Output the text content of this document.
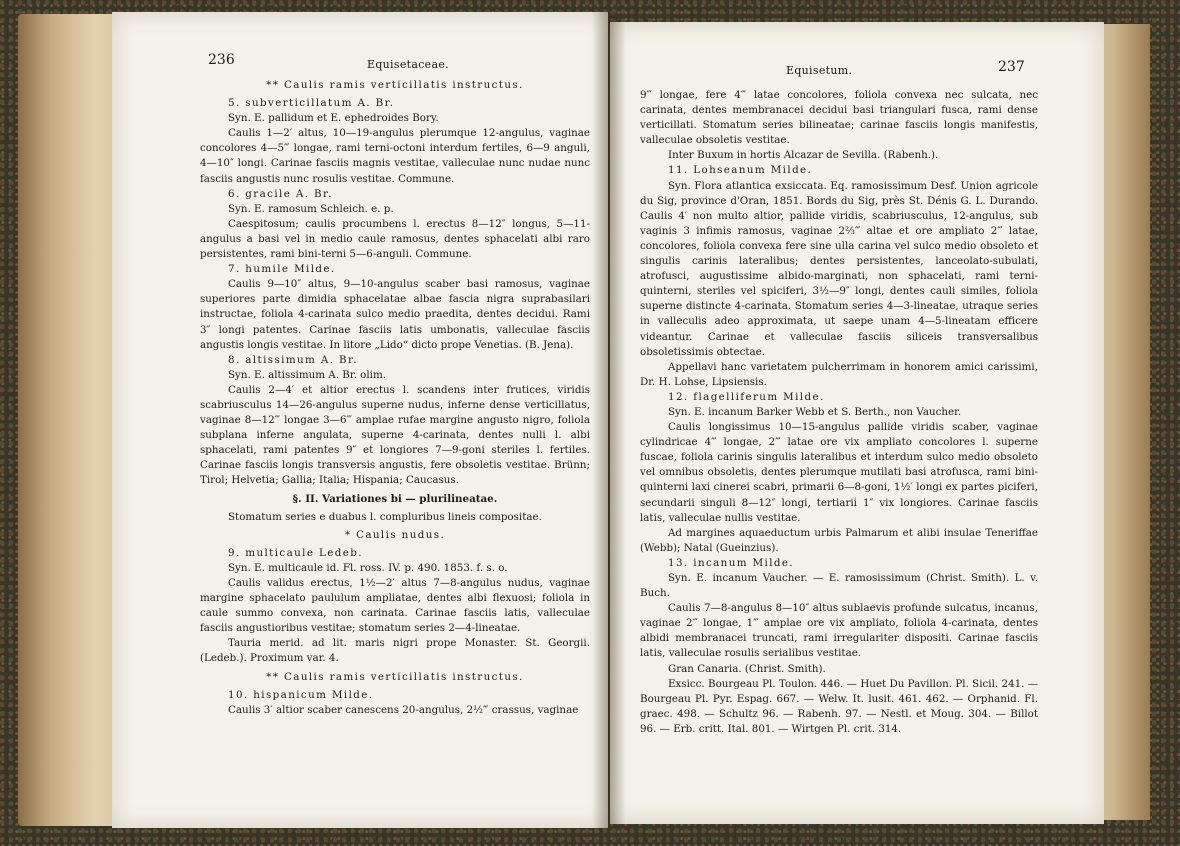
236	Equisetaceae.

** Caulis ramis verticillatis instructus.

5. subverticillatum A. Br.

Syn. E. pallidum et E. ephedroides Bory.

Caulis 1—2′ altus, 10—19-angulus plerumque 12-angulus, vaginae concolores 4—5‴ longae, rami terni-octoni interdum fertiles, 6—9 anguli, 4—10″ longi. Carinae fasciis magnis vestitae, valleculae nunc nudae nunc fasciis angustis nunc rosulis vestitae. Commune.

6. gracile A. Br.

Syn. E. ramosum Schleich. e. p.

Caespitosum; caulis procumbens l. erectus 8—12″ longus, 5—11-angulus a basi vel in medio caule ramosus, dentes sphacelati albi raro persistentes, rami bini-terni 5—6-anguli. Commune.

7. humile Milde.

Caulis 9—10″ altus, 9—10-angulus scaber basi ramosus, vaginae superiores parte dimidia sphacelatae albae fascia nigra suprabasilari instructae, foliola 4-carinata sulco medio praedita, dentes decidui. Rami 3″ longi patentes. Carinae fasciis latis umbonatis, valleculae fasciis angustis longis vestitae. In litore „Lido“ dicto prope Venetias. (B. Jena).

8. altissimum A. Br.

Syn. E. altissimum A. Br. olim.

Caulis 2—4′ et altior erectus l. scandens inter frutices, viridis scabriusculus 14—26-angulus superne nudus, inferne dense verticillatus, vaginae 8—12‴ longae 3—6‴ amplae rufae margine angusto nigro, foliola subplana inferne angulata, superne 4-carinata, dentes nulli l. albi sphacelati, rami patentes 9″ et longiores 7—9-goni steriles l. fertiles. Carinae fasciis longis transversis angustis, fere obsoletis vestitae. Brünn; Tirol; Helvetia; Gallia; Italia; Hispania; Caucasus.

§. II. Variationes bi — plurilineatae.

Stomatum series e duabus l. compluribus lineis compositae.

* Caulis nudus.

9. multicaule Ledeb.

Syn. E. multicaule id. Fl. ross. IV. p. 490. 1853. f. s. o.

Caulis validus erectus, 1½—2′ altus 7—8-angulus nudus, vaginae margine sphacelato paululum ampliatae, dentes albi flexuosi; foliola in caule summo convexa, non carinata. Carinae fasciis latis, valleculae fasciis angustioribus vestitae; stomatum series 2—4-lineatae.

Tauria merid. ad lit. maris nigri prope Monaster. St. Georgii. (Ledeb.). Proximum var. 4.

** Caulis ramis verticillatis instructus.

10. hispanicum Milde.

Caulis 3′ altior scaber canescens 20-angulus, 2½‴ crassus, vaginae

Equisetum.	237

9‴ longae, fere 4‴ latae concolores, foliola convexa nec sulcata, nec carinata, dentes membranacei decidui basi triangulari fusca, rami dense verticillati. Stomatum series bilineatae; carinae fasciis longis manifestis, valleculae obsoletis vestitae.

Inter Buxum in hortis Alcazar de Sevilla. (Rabenh.).

11. Lohseanum Milde.

Syn. Flora atlantica exsiccata. Eq. ramosissimum Desf. Union agricole du Sig, province d'Oran, 1851. Bords du Sig, près St. Dénis G. L. Durando. Caulis 4′ non multo altior, pallide viridis, scabriusculus, 12-angulus, sub vaginis 3 infimis ramosus, vaginae 2⅔‴ altae et ore ampliato 2‴ latae, concolores, foliola convexa fere sine ulla carina vel sulco medio obsoleto et singulis carinis lateralibus; dentes persistentes, lanceolato-subulati, atrofusci, augustissime albido-marginati, non sphacelati, rami terni-quinterni, steriles vel spiciferi, 3½—9″ longi, dentes cauli similes, foliola superne distincte 4-carinata. Stomatum series 4—3-lineatae, utraque series in valleculis adeo approximata, ut saepe unam 4—5-lineatam efficere videantur. Carinae et valleculae fasciis siliceis transversalibus obsoletissimis obtectae.

Appellavi hanc varietatem pulcherrimam in honorem amici carissimi, Dr. H. Lohse, Lipsiensis.

12. flagelliferum Milde.

Syn. E. incanum Barker Webb et S. Berth., non Vaucher.

Caulis longissimus 10—15-angulus pallide viridis scaber, vaginae cylindricae 4‴ longae, 2‴ latae ore vix ampliato concolores l. superne fuscae, foliola carinis singulis lateralibus et interdum sulco medio obsoleto vel omnibus obsoletis, dentes plerumque mutilati basi atrofusca, rami bini-quinterni laxi cinerei scabri, primarii 6—8-goni, 1½′ longi ex partes piciferi, secundarii singuli 8—12″ longi, tertiarii 1″ vix longiores. Carinae fasciis latis, valleculae nullis vestitae.

Ad margines aquaeductum urbis Palmarum et alibi insulae Teneriffae (Webb); Natal (Gueinzius).

13. incanum Milde.

Syn. E. incanum Vaucher. — E. ramosissimum (Christ. Smith). L. v. Buch.

Caulis 7—8-angulus 8—10″ altus sublaevis profunde sulcatus, incanus, vaginae 2‴ longae, 1‴ amplae ore vix ampliato, foliola 4-carinata, dentes albidi membranacei truncati, rami irregulariter dispositi. Carinae fasciis latis, valleculae rosulis serialibus vestitae.

Gran Canaria. (Christ. Smith).

Exsicc. Bourgeau Pl. Toulon. 446. — Huet Du Pavillon. Pl. Sicil. 241. — Bourgeau Pl. Pyr. Espag. 667. — Welw. It. lusit. 461. 462. — Orphanid. Fl. graec. 498. — Schultz 96. — Rabenh. 97. — Nestl. et Moug. 304. — Billot 96. — Erb. critt. Ital. 801. — Wirtgen Pl. crit. 314.
